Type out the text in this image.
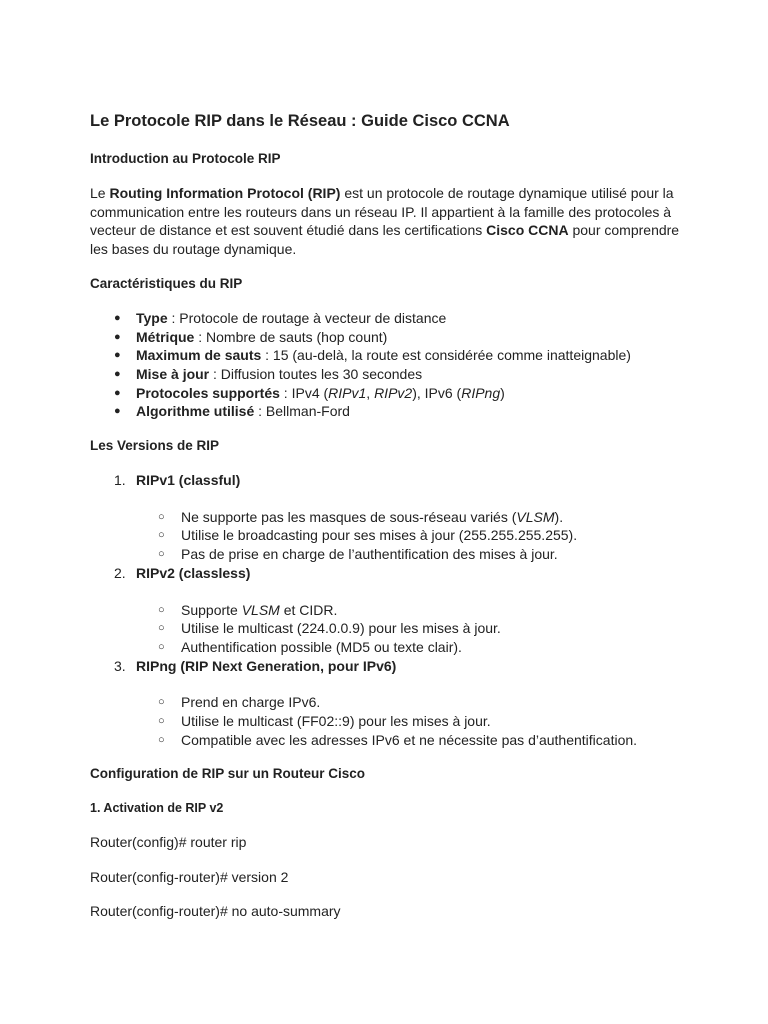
Le Protocole RIP dans le Réseau : Guide Cisco CCNA
Introduction au Protocole RIP

Le Routing Information Protocol (RIP) est un protocole de routage dynamique utilisé pour la communication entre les routeurs dans un réseau IP. Il appartient à la famille des protocoles à vecteur de distance et est souvent étudié dans les certifications Cisco CCNA pour comprendre les bases du routage dynamique.

Caractéristiques du RIP
● Type : Protocole de routage à vecteur de distance
● Métrique : Nombre de sauts (hop count)
● Maximum de sauts : 15 (au-delà, la route est considérée comme inatteignable)
● Mise à jour : Diffusion toutes les 30 secondes
● Protocoles supportés : IPv4 (RIPv1, RIPv2), IPv6 (RIPng)
● Algorithme utilisé : Bellman-Ford
Les Versions de RIP
1. RIPv1 (classful)
○ Ne supporte pas les masques de sous-réseau variés (VLSM).
○ Utilise le broadcasting pour ses mises à jour (255.255.255.255).
○ Pas de prise en charge de l’authentification des mises à jour.
2. RIPv2 (classless)
○ Supporte VLSM et CIDR.
○ Utilise le multicast (224.0.0.9) pour les mises à jour.
○ Authentification possible (MD5 ou texte clair).
3. RIPng (RIP Next Generation, pour IPv6)
○ Prend en charge IPv6.
○ Utilise le multicast (FF02::9) pour les mises à jour.
○ Compatible avec les adresses IPv6 et ne nécessite pas d’authentification.
Configuration de RIP sur un Routeur Cisco
1. Activation de RIP v2

Router(config)# router rip

Router(config-router)# version 2

Router(config-router)# no auto-summary
